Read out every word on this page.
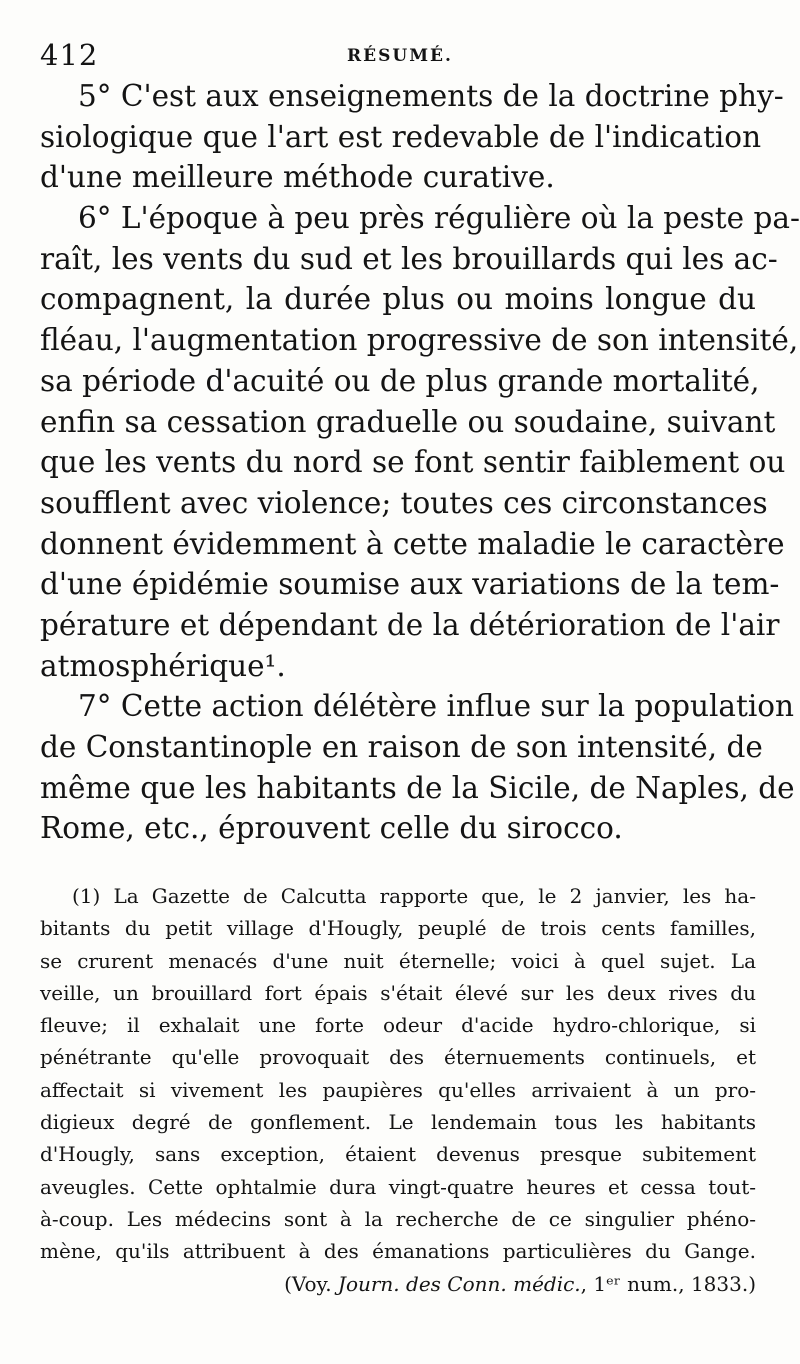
412	RÉSUMÉ.
5° C'est aux enseignements de la doctrine phy-
siologique que l'art est redevable de l'indication
d'une meilleure méthode curative.
6° L'époque à peu près régulière où la peste pa-
raît, les vents du sud et les brouillards qui les ac-
compagnent, la durée plus ou moins longue du
fléau, l'augmentation progressive de son intensité,
sa période d'acuité ou de plus grande mortalité,
enfin sa cessation graduelle ou soudaine, suivant
que les vents du nord se font sentir faiblement ou
soufflent avec violence; toutes ces circonstances
donnent évidemment à cette maladie le caractère
d'une épidémie soumise aux variations de la tem-
pérature et dépendant de la détérioration de l'air
atmosphérique¹.
7° Cette action délétère influe sur la population
de Constantinople en raison de son intensité, de
même que les habitants de la Sicile, de Naples, de
Rome, etc., éprouvent celle du sirocco.
(1) La Gazette de Calcutta rapporte que, le 2 janvier, les ha-
bitants du petit village d'Hougly, peuplé de trois cents familles,
se crurent menacés d'une nuit éternelle; voici à quel sujet. La
veille, un brouillard fort épais s'était élevé sur les deux rives du
fleuve; il exhalait une forte odeur d'acide hydro-chlorique, si
pénétrante qu'elle provoquait des éternuements continuels, et
affectait si vivement les paupières qu'elles arrivaient à un pro-
digieux degré de gonflement. Le lendemain tous les habitants
d'Hougly, sans exception, étaient devenus presque subitement
aveugles. Cette ophtalmie dura vingt-quatre heures et cessa tout-
à-coup. Les médecins sont à la recherche de ce singulier phéno-
mène, qu'ils attribuent à des émanations particulières du Gange.
(Voy. Journ. des Conn. médic., 1ᵉʳ num., 1833.)
